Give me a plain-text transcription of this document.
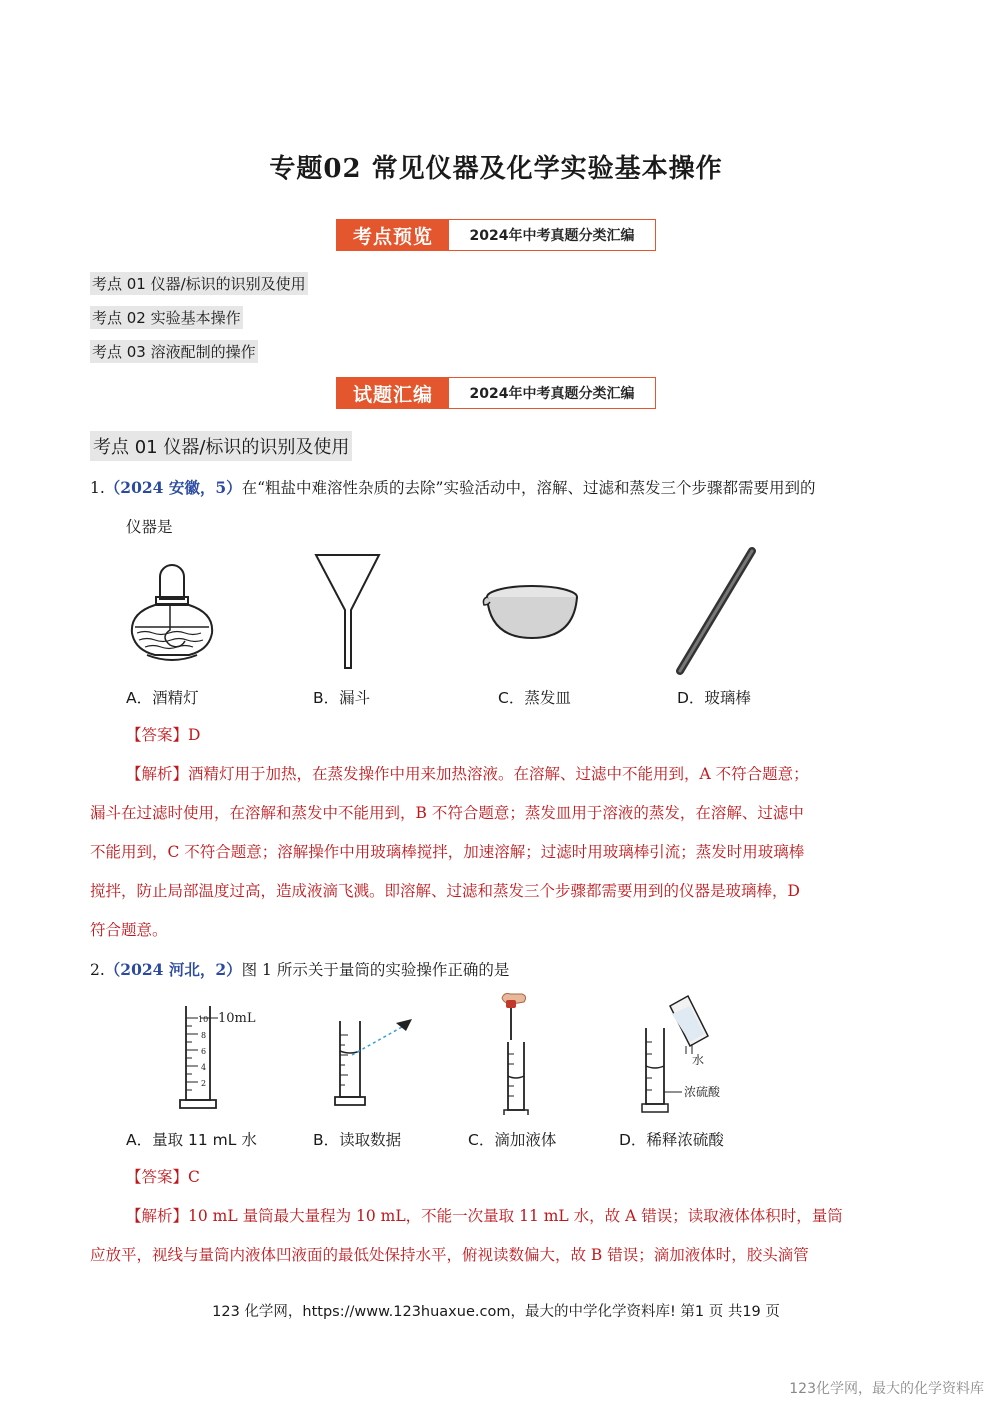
专题02 常见仪器及化学实验基本操作
考点预览	2024年中考真题分类汇编
考点 01 仪器/标识的识别及使用
考点 02 实验基本操作
考点 03 溶液配制的操作
试题汇编	2024年中考真题分类汇编
考点 01 仪器/标识的识别及使用
1.（2024 安徽，5）在“粗盐中难溶性杂质的去除”实验活动中，溶解、过滤和蒸发三个步骤都需要用到的
仪器是
A．酒精灯	B．漏斗	C．蒸发皿	D．玻璃棒
【答案】D
【解析】酒精灯用于加热，在蒸发操作中用来加热溶液。在溶解、过滤中不能用到，A 不符合题意；
漏斗在过滤时使用，在溶解和蒸发中不能用到，B 不符合题意；蒸发皿用于溶液的蒸发，在溶解、过滤中
不能用到，C 不符合题意；溶解操作中用玻璃棒搅拌，加速溶解；过滤时用玻璃棒引流；蒸发时用玻璃棒
搅拌，防止局部温度过高，造成液滴飞溅。即溶解、过滤和蒸发三个步骤都需要用到的仪器是玻璃棒，D
符合题意。
2.（2024 河北，2）图 1 所示关于量筒的实验操作正确的是
10mL
10
8
6
4
2
水
浓硫酸
A．量取 11 mL 水	B．读取数据	C．滴加液体	D．稀释浓硫酸
【答案】C
【解析】10 mL 量筒最大量程为 10 mL，不能一次量取 11 mL 水，故 A 错误；读取液体体积时，量筒
应放平，视线与量筒内液体凹液面的最低处保持水平，俯视读数偏大，故 B 错误；滴加液体时，胶头滴管
123 化学网，https://www.123huaxue.com，最大的中学化学资料库! 第1 页 共19 页
123化学网，最大的化学资料库
